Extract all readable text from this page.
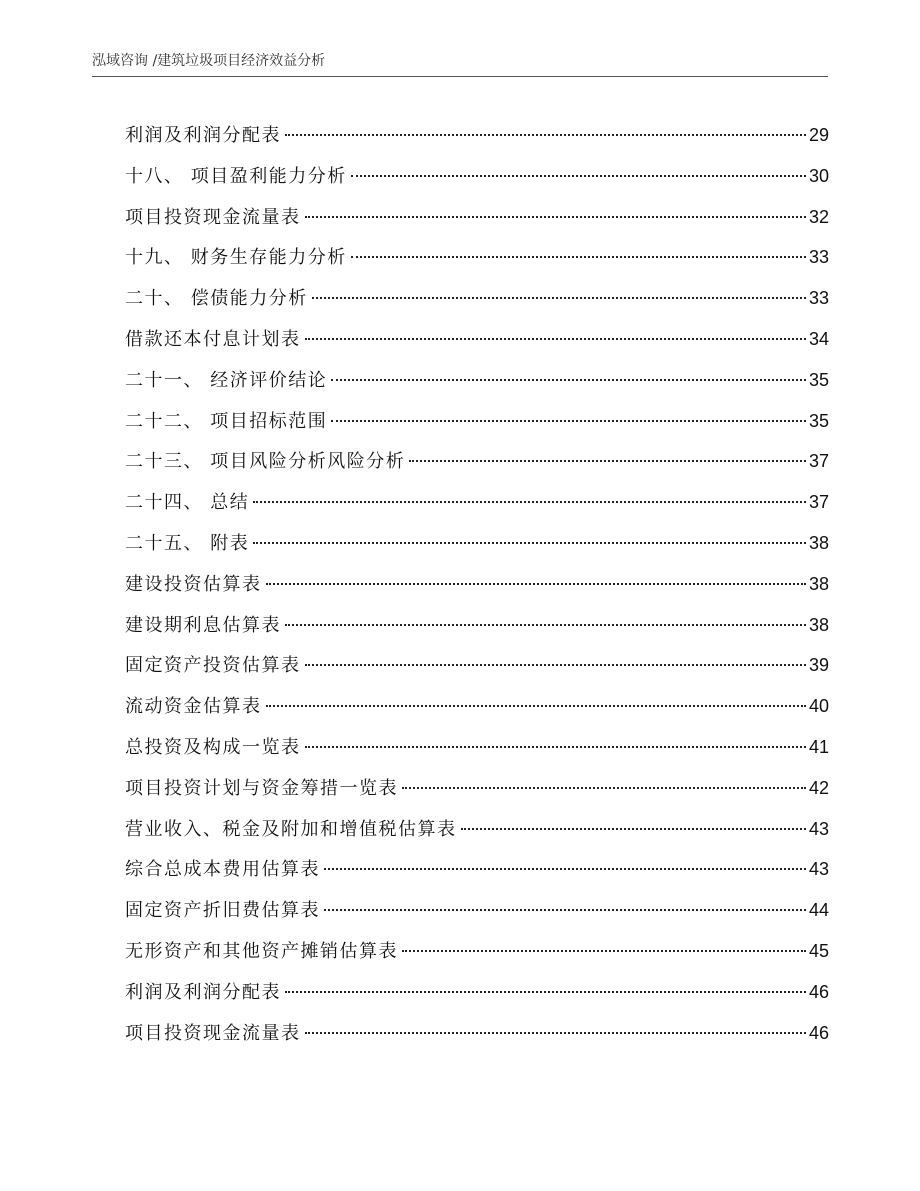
泓域咨询 /建筑垃圾项目经济效益分析
利润及利润分配表	29
十八、 项目盈利能力分析	30
项目投资现金流量表	32
十九、 财务生存能力分析	33
二十、 偿债能力分析	33
借款还本付息计划表	34
二十一、 经济评价结论	35
二十二、 项目招标范围	35
二十三、 项目风险分析风险分析	37
二十四、 总结	37
二十五、 附表	38
建设投资估算表	38
建设期利息估算表	38
固定资产投资估算表	39
流动资金估算表	40
总投资及构成一览表	41
项目投资计划与资金筹措一览表	42
营业收入、税金及附加和增值税估算表	43
综合总成本费用估算表	43
固定资产折旧费估算表	44
无形资产和其他资产摊销估算表	45
利润及利润分配表	46
项目投资现金流量表	46
